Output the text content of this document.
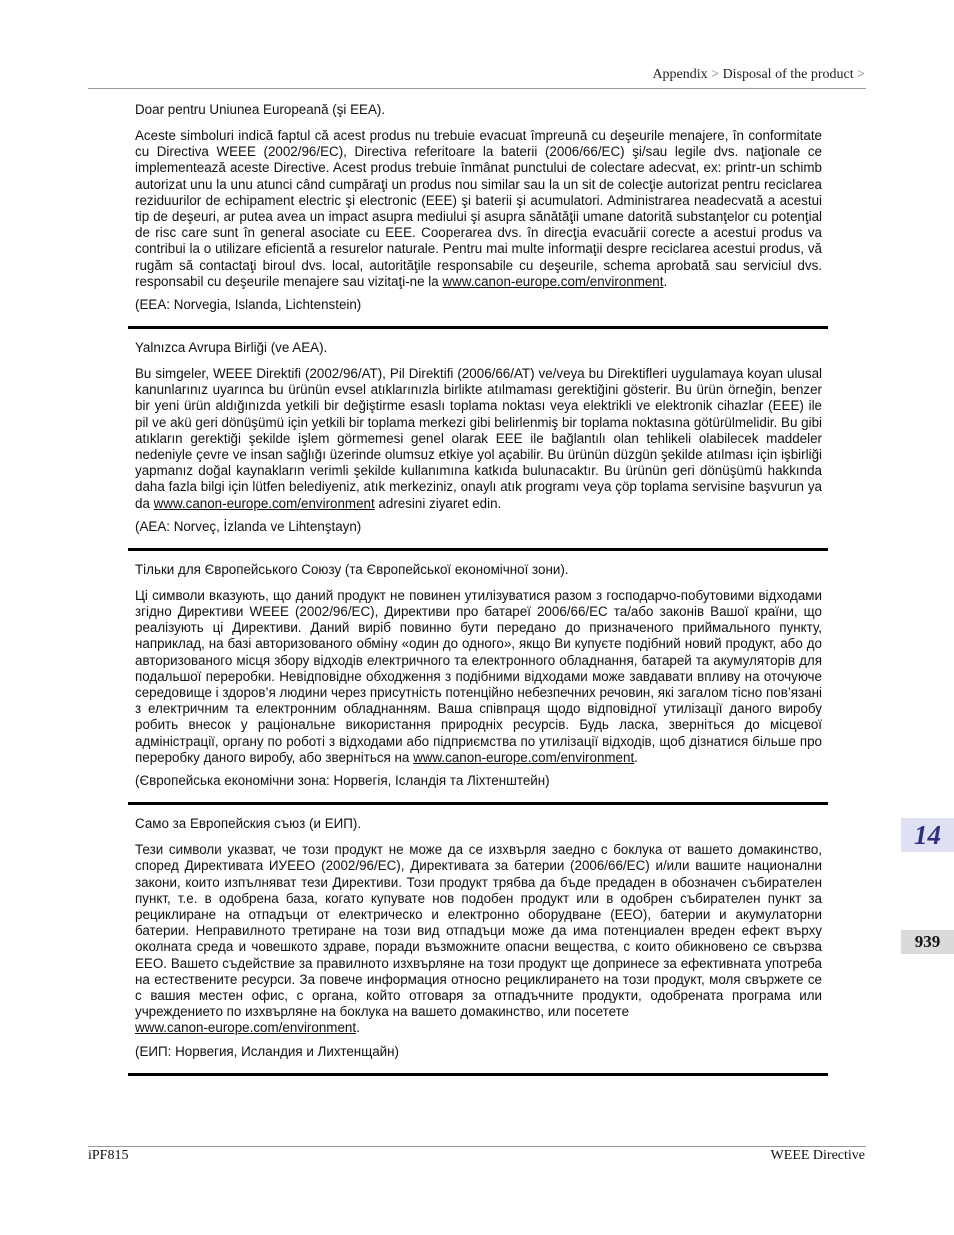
Appendix > Disposal of the product >

Doar pentru Uniunea Europeană (şi EEA).

Aceste simboluri indică faptul că acest produs nu trebuie evacuat împreună cu deşeurile menajere, în conformitate cu Directiva WEEE (2002/96/EC), Directiva referitoare la baterii (2006/66/EC) şi/sau legile dvs. naţionale ce implementează aceste Directive. Acest produs trebuie înmânat punctului de colectare adecvat, ex: printr-un schimb autorizat unu la unu atunci când cumpăraţi un produs nou similar sau la un sit de colecţie autorizat pentru reciclarea reziduurilor de echipament electric şi electronic (EEE) şi baterii şi acumulatori. Administrarea neadecvată a acestui tip de deşeuri, ar putea avea un impact asupra mediului şi asupra sănătăţii umane datorită substanţelor cu potenţial de risc care sunt în general asociate cu EEE. Cooperarea dvs. în direcţia evacuării corecte a acestui produs va contribui la o utilizare eficientă a resurelor naturale. Pentru mai multe informaţii despre reciclarea acestui produs, vă rugăm să contactaţi biroul dvs. local, autorităţile responsabile cu deşeurile, schema aprobată sau serviciul dvs. responsabil cu deşeurile menajere sau vizitaţi-ne la www.canon-europe.com/environment.

(EEA: Norvegia, Islanda, Lichtenstein)

Yalnızca Avrupa Birliği (ve AEA).

Bu simgeler, WEEE Direktifi (2002/96/AT), Pil Direktifi (2006/66/AT) ve/veya bu Direktifleri uygulamaya koyan ulusal kanunlarınız uyarınca bu ürünün evsel atıklarınızla birlikte atılmaması gerektiğini gösterir. Bu ürün örneğin, benzer bir yeni ürün aldığınızda yetkili bir değiştirme esaslı toplama noktası veya elektrikli ve elektronik cihazlar (EEE) ile pil ve akü geri dönüşümü için yetkili bir toplama merkezi gibi belirlenmiş bir toplama noktasına götürülmelidir. Bu gibi atıkların gerektiği şekilde işlem görmemesi genel olarak EEE ile bağlantılı olan tehlikeli olabilecek maddeler nedeniyle çevre ve insan sağlığı üzerinde olumsuz etkiye yol açabilir. Bu ürünün düzgün şekilde atılması için işbirliği yapmanız doğal kaynakların verimli şekilde kullanımına katkıda bulunacaktır. Bu ürünün geri dönüşümü hakkında daha fazla bilgi için lütfen belediyeniz, atık merkeziniz, onaylı atık programı veya çöp toplama servisine başvurun ya da www.canon-europe.com/environment adresini ziyaret edin.

(AEA: Norveç, İzlanda ve Lihtenştayn)

Тільки для Європейського Союзу (та Європейської економічної зони).

Ці символи вказують, що даний продукт не повинен утилізуватися разом з господарчо-побутовими відходами згідно Директиви WEEE (2002/96/EC), Директиви про батареї 2006/66/EC та/або законів Вашої країни, що реалізують ці Директиви. Даний виріб повинно бути передано до призначеного приймального пункту, наприклад, на базі авторизованого обміну «один до одного», якщо Ви купуєте подібний новий продукт, або до авторизованого місця збору відходів електричного та електронного обладнання, батарей та акумуляторів для подальшої переробки. Невідповідне обходження з подібними відходами може завдавати впливу на оточуюче середовище і здоров’я людини через присутність потенційно небезпечних речовин, які загалом тісно пов’язані з електричним та електронним обладнанням. Ваша співпраця щодо відповідної утилізації даного виробу робить внесок у раціональне використання природніх ресурсів. Будь ласка, зверніться до місцевої адміністрації, органу по роботі з відходами або підприємства по утилізації відходів, щоб дізнатися більше про переробку даного виробу, або зверніться на www.canon-europe.com/environment.

(Європейська економічни зона: Норвегія, Ісландія та Ліхтенштейн)

Само за Европейския съюз (и ЕИП).

Тези символи указват, че този продукт не може да се изхвърля заедно с боклука от вашето домакинство, според Директивата ИУЕЕО (2002/96/EC), Директивата за батерии (2006/66/EC) и/или вашите национални закони, които изпълняват тези Директиви. Този продукт трябва да бъде предаден в обозначен събирателен пункт, т.е. в одобрена база, когато купувате нов подобен продукт или в одобрен събирателен пункт за рециклиране на отпадъци от електрическо и електронно оборудване (ЕЕО), батерии и акумулаторни батерии. Неправилното третиране на този вид отпадъци може да има потенциален вреден ефект върху околната среда и човешкото здраве, поради възможните опасни вещества, с които обикновено се свързва ЕЕО. Вашето съдействие за правилното изхвърляне на този продукт ще допринесе за ефективната употреба на естествените ресурси. За повече информация относно рециклирането на този продукт, моля свържете се с вашия местен офис, с органа, който отговаря за отпадъчните продукти, одобрената програма или учреждението по изхвърляне на боклука на вашето домакинство, или посетете
www.canon-europe.com/environment.

(ЕИП: Норвегия, Исландия и Лихтенщайн)

14
939
iPF815	WEEE Directive
